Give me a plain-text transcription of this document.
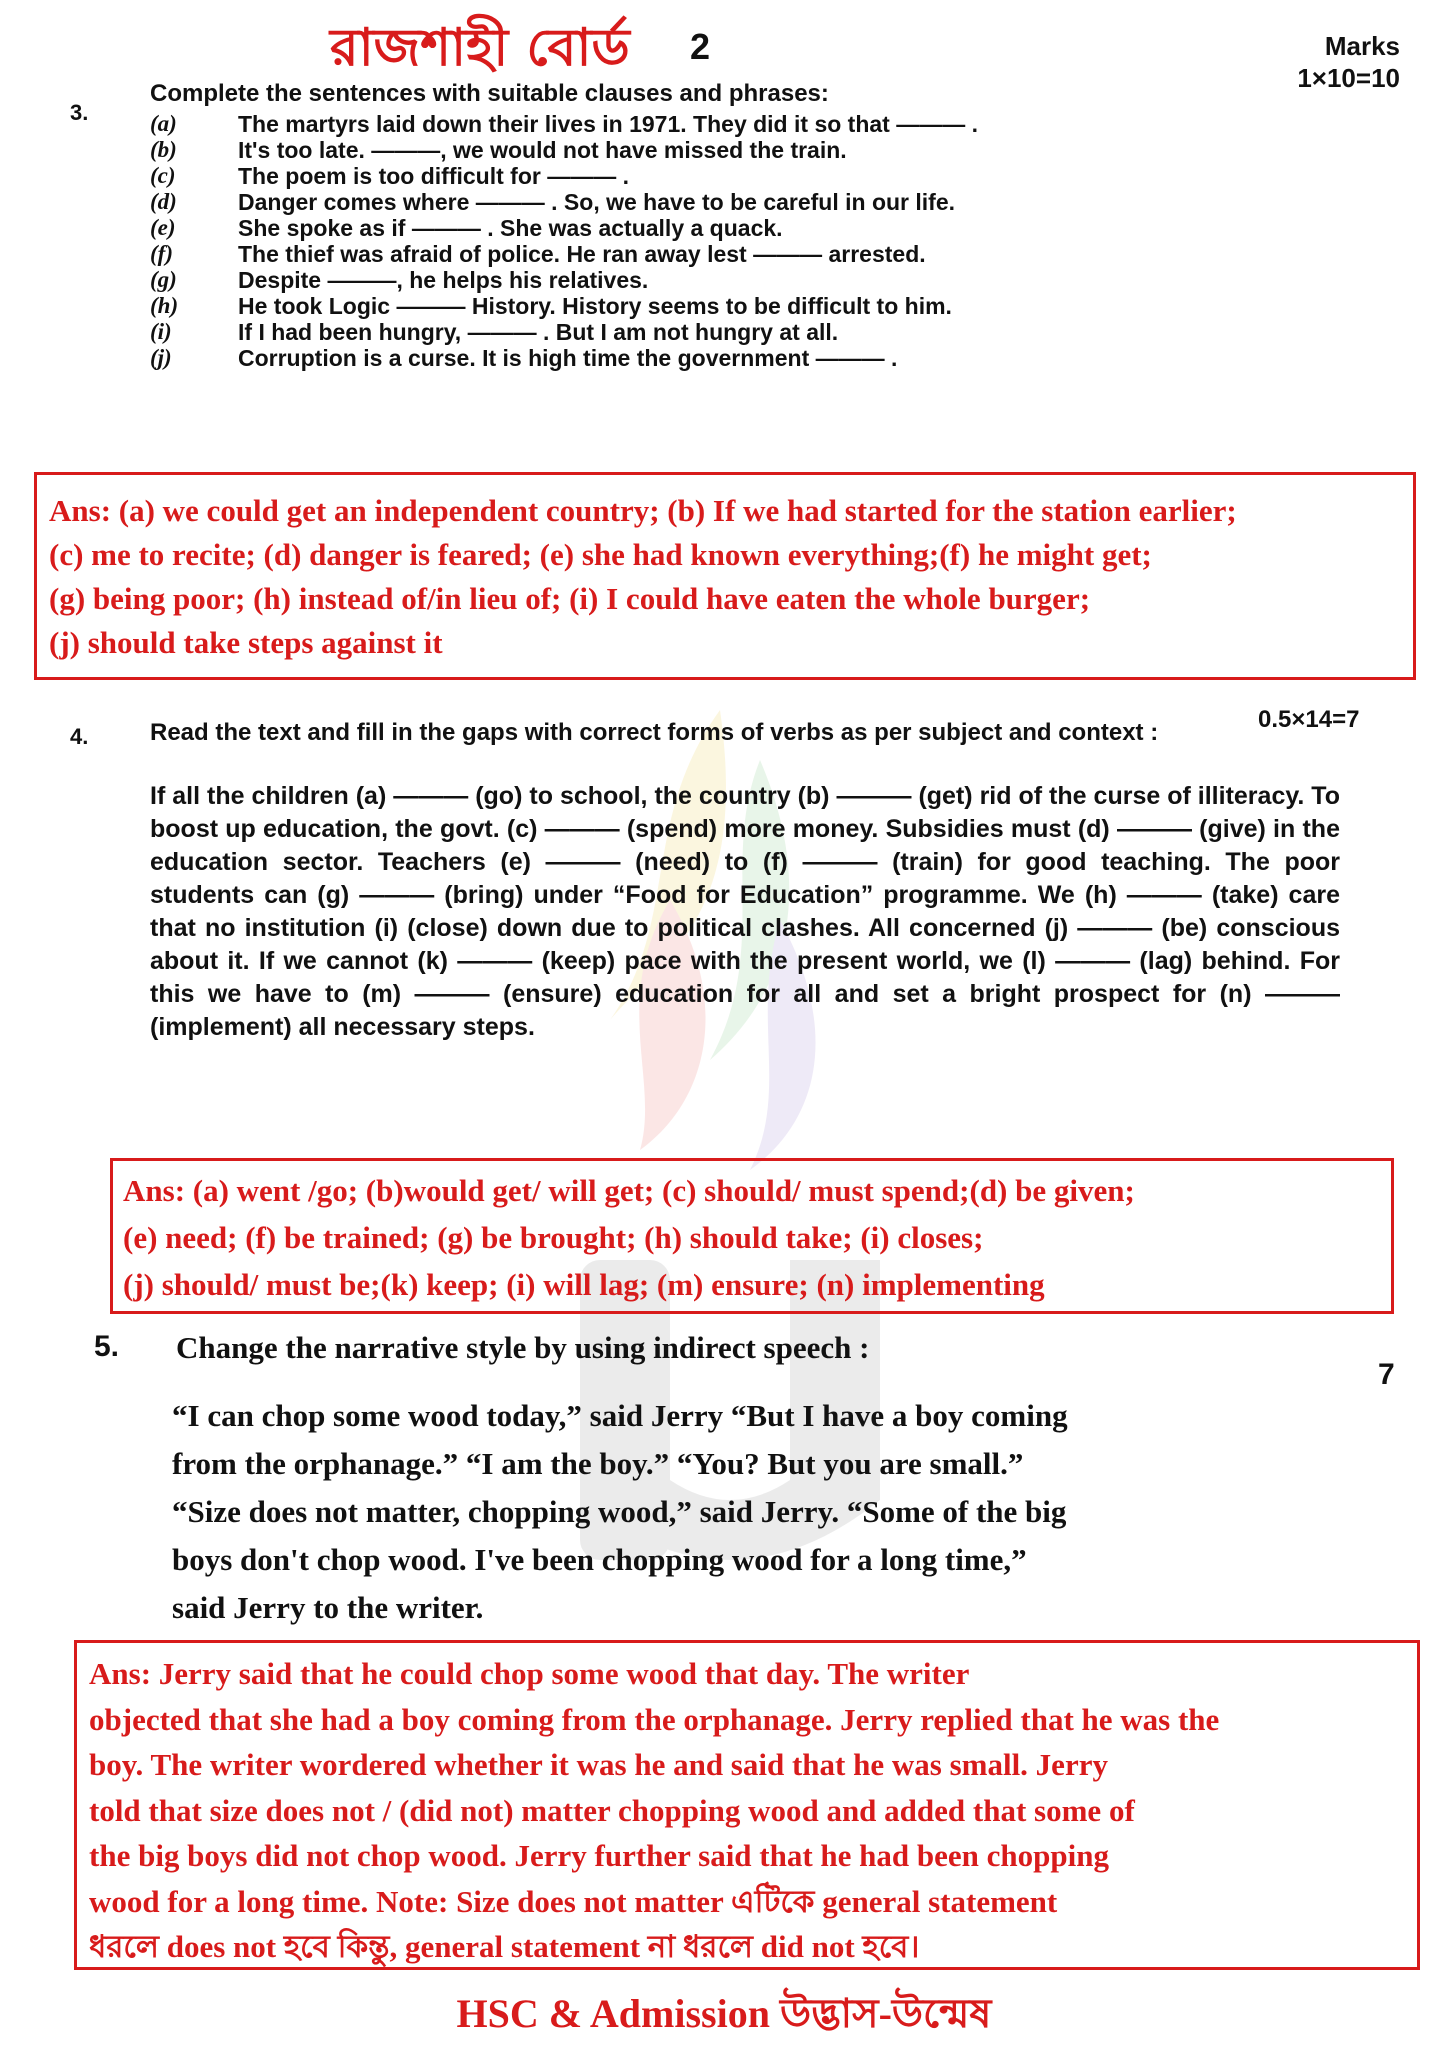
রাজশাহী বোর্ড 2	Marks
1×10=10
3.
Complete the sentences with suitable clauses and phrases:
(a)	The martyrs laid down their lives in 1971. They did it so that ——— .
(b)	It's too late. ———, we would not have missed the train.
(c)	The poem is too difficult for ——— .
(d)	Danger comes where ——— . So, we have to be careful in our life.
(e)	She spoke as if ——— . She was actually a quack.
(f)	The thief was afraid of police. He ran away lest ——— arrested.
(g)	Despite ———, he helps his relatives.
(h)	He took Logic ——— History. History seems to be difficult to him.
(i)	If I had been hungry, ——— . But I am not hungry at all.
(j)	Corruption is a curse. It is high time the government ——— .

Ans: (a) we could get an independent country; (b) If we had started for the station earlier;

(c) me to recite; (d) danger is feared; (e) she had known everything;(f) he might get;

(g) being poor; (h) instead of/in lieu of; (i) I could have eaten the whole burger;

(j) should take steps against it

4.	Read the text and fill in the gaps with correct forms of verbs as per subject and context :	0.5×14=7
If all the children (a) ——— (go) to school, the country (b) ——— (get) rid of the curse of illiteracy. To boost up education, the govt. (c) ——— (spend) more money. Subsidies must (d) ——— (give) in the education sector. Teachers (e) ——— (need) to (f) ——— (train) for good teaching. The poor students can (g) ——— (bring) under “Food for Education” programme. We (h) ——— (take) care that no institution (i) (close) down due to political clashes. All concerned (j) ——— (be) conscious about it. If we cannot (k) ——— (keep) pace with the present world, we (l) ——— (lag) behind. For this we have to (m) ——— (ensure) education for all and set a bright prospect for (n) ——— (implement) all necessary steps.

Ans: (a) went /go; (b)would get/ will get; (c) should/ must spend;(d) be given;

(e) need; (f) be trained; (g) be brought; (h) should take; (i) closes;

(j) should/ must be;(k) keep; (i) will lag; (m) ensure; (n) implementing

5. Change the narrative style by using indirect speech :
7
“I can chop some wood today,” said Jerry “But I have a boy coming
from the orphanage.” “I am the boy.” “You? But you are small.”
“Size does not matter, chopping wood,” said Jerry. “Some of the big
boys don't chop wood. I've been chopping wood for a long time,”
said Jerry to the writer.

Ans: Jerry said that he could chop some wood that day. The writer

objected that she had a boy coming from the orphanage. Jerry replied that he was the

boy. The writer wordered whether it was he and said that he was small. Jerry

told that size does not / (did not) matter chopping wood and added that some of

the big boys did not chop wood. Jerry further said that he had been chopping

wood for a long time. Note: Size does not matter এটিকে general statement

ধরলে does not হবে কিন্তু, general statement না ধরলে did not হবে।

HSC & Admission উদ্ভাস-উন্মেষ
